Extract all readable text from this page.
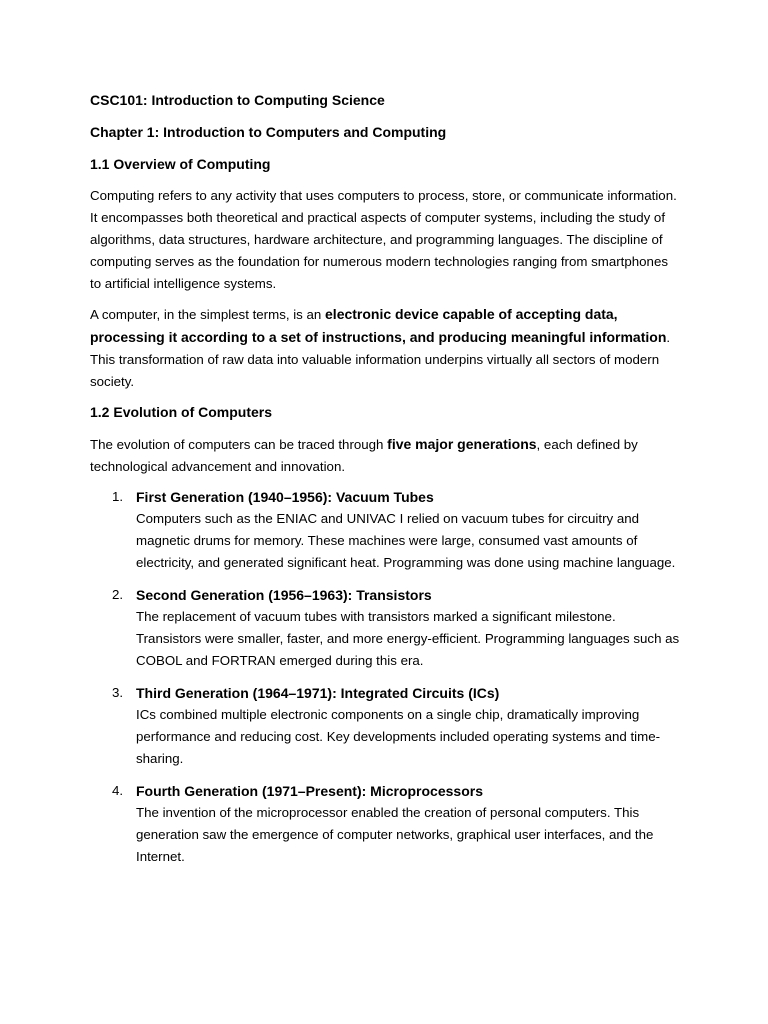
CSC101: Introduction to Computing Science
Chapter 1: Introduction to Computers and Computing
1.1 Overview of Computing

Computing refers to any activity that uses computers to process, store, or communicate information. It encompasses both theoretical and practical aspects of computer systems, including the study of algorithms, data structures, hardware architecture, and programming languages. The discipline of computing serves as the foundation for numerous modern technologies ranging from smartphones to artificial intelligence systems.

A computer, in the simplest terms, is an electronic device capable of accepting data, processing it according to a set of instructions, and producing meaningful information. This transformation of raw data into valuable information underpins virtually all sectors of modern society.

1.2 Evolution of Computers

The evolution of computers can be traced through five major generations, each defined by technological advancement and innovation.

1. First Generation (1940–1956): Vacuum Tubes
Computers such as the ENIAC and UNIVAC I relied on vacuum tubes for circuitry and magnetic drums for memory. These machines were large, consumed vast amounts of electricity, and generated significant heat. Programming was done using machine language.
2. Second Generation (1956–1963): Transistors
The replacement of vacuum tubes with transistors marked a significant milestone. Transistors were smaller, faster, and more energy-efficient. Programming languages such as COBOL and FORTRAN emerged during this era.
3. Third Generation (1964–1971): Integrated Circuits (ICs)
ICs combined multiple electronic components on a single chip, dramatically improving performance and reducing cost. Key developments included operating systems and time-sharing.
4. Fourth Generation (1971–Present): Microprocessors
The invention of the microprocessor enabled the creation of personal computers. This generation saw the emergence of computer networks, graphical user interfaces, and the Internet.
